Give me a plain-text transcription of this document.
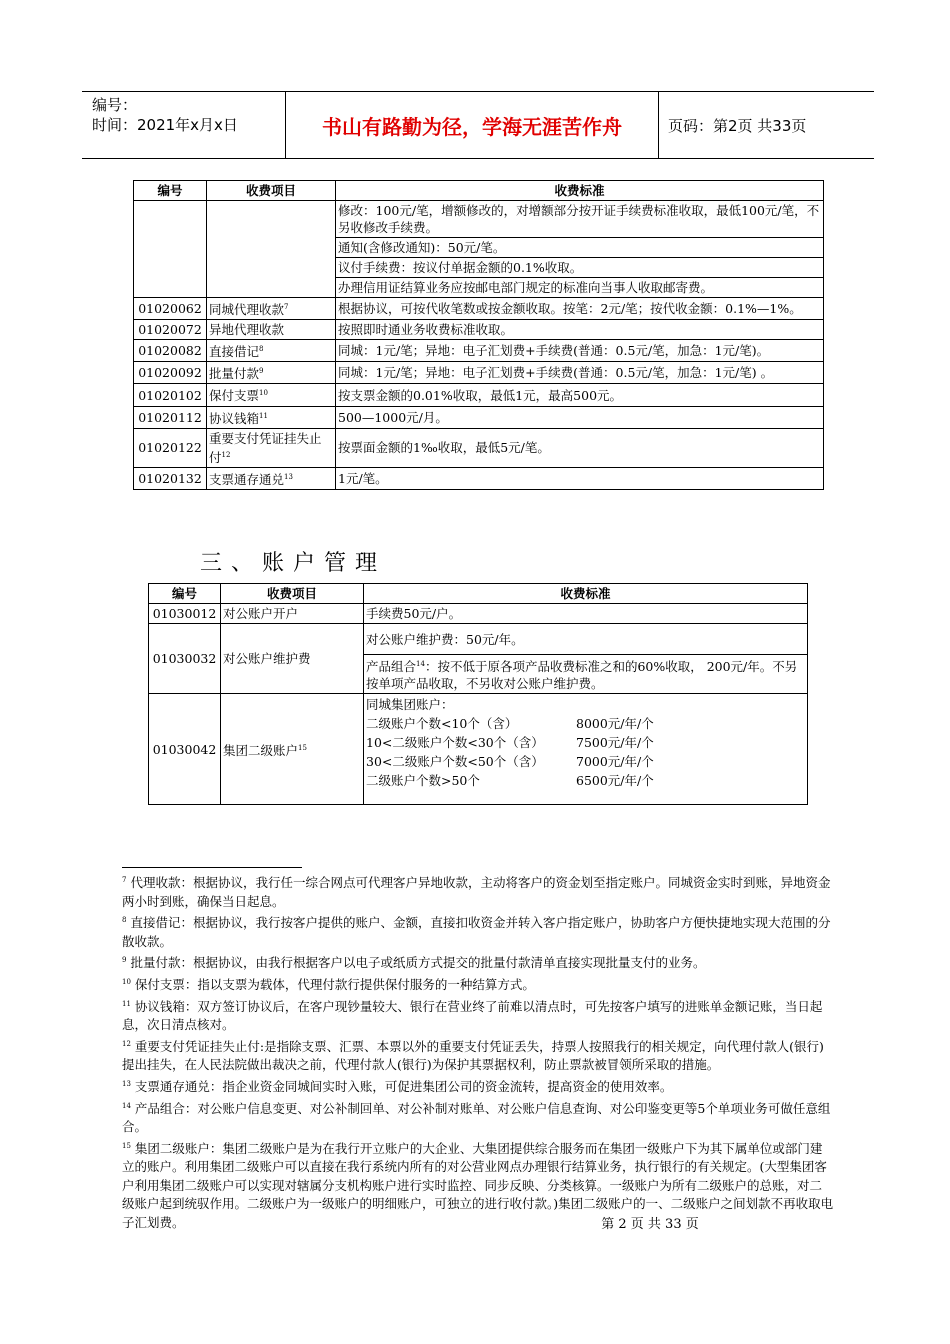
编号：
时间：2021年x月x日	书山有路勤为径，学海无涯苦作舟	页码：第2页 共33页
编号	收费项目	收费标准
		修改：100元/笔，增额修改的，对增额部分按开证手续费标准收取，最低100元/笔，不另收修改手续费。
		通知(含修改通知)：50元/笔。
		议付手续费：按议付单据金额的0.1%收取。
		办理信用证结算业务应按邮电部门规定的标准向当事人收取邮寄费。
01020062	同城代理收款$^7$	根据协议，可按代收笔数或按金额收取。按笔：2元/笔；按代收金额：0.1%—1%。
01020072	异地代理收款	按照即时通业务收费标准收取。
01020082	直接借记$^8$	同城：1元/笔；异地：电子汇划费+手续费(普通：0.5元/笔，加急：1元/笔)。
01020092	批量付款$^9$	同城：1元/笔；异地：电子汇划费+手续费(普通：0.5元/笔，加急：1元/笔) 。
01020102	保付支票$^{10}$	按支票金额的0.01%收取，最低1元，最高500元。
01020112	协议钱箱$^{11}$	500—1000元/月。
01020122	重要支付凭证挂失止付$^{12}$	按票面金额的1‰收取，最低5元/笔。
01020132	支票通存通兑$^{13}$	1元/笔。
三、账户管理
编号	收费项目	收费标准
01030012	对公账户开户	手续费50元/户。
01030032	对公账户维护费	对公账户维护费：50元/年。
		产品组合$^{14}$：按不低于原各项产品收费标准之和的60%收取， 200元/年。不另按单项产品收取，不另收对公账户维护费。
01030042	集团二级账户$^{15}$	同城集团账户：
二级账户个数<10个（含） 8000元/年/个
10<二级账户个数<30个（含） 7500元/年/个
30<二级账户个数<50个（含） 7000元/年/个
二级账户个数>50个 6500元/年/个

$^7$ 代理收款：根据协议，我行任一综合网点可代理客户异地收款，主动将客户的资金划至指定账户。同城资金实时到账，异地资金两小时到账，确保当日起息。

$^8$ 直接借记：根据协议，我行按客户提供的账户、金额，直接扣收资金并转入客户指定账户，协助客户方便快捷地实现大范围的分散收款。

$^9$ 批量付款：根据协议，由我行根据客户以电子或纸质方式提交的批量付款清单直接实现批量支付的业务。

$^{10}$ 保付支票：指以支票为载体，代理付款行提供保付服务的一种结算方式。

$^{11}$ 协议钱箱：双方签订协议后，在客户现钞量较大、银行在营业终了前难以清点时，可先按客户填写的进账单金额记账，当日起息，次日清点核对。

$^{12}$ 重要支付凭证挂失止付:是指除支票、汇票、本票以外的重要支付凭证丢失，持票人按照我行的相关规定，向代理付款人(银行)提出挂失，在人民法院做出裁决之前，代理付款人(银行)为保护其票据权利，防止票款被冒领所采取的措施。

$^{13}$ 支票通存通兑：指企业资金同城间实时入账，可促进集团公司的资金流转，提高资金的使用效率。

$^{14}$ 产品组合：对公账户信息变更、对公补制回单、对公补制对账单、对公账户信息查询、对公印鉴变更等5个单项业务可做任意组合。

$^{15}$ 集团二级账户：集团二级账户是为在我行开立账户的大企业、大集团提供综合服务而在集团一级账户下为其下属单位或部门建立的账户。利用集团二级账户可以直接在我行系统内所有的对公营业网点办理银行结算业务，执行银行的有关规定。(大型集团客户利用集团二级账户可以实现对辖属分支机构账户进行实时监控、同步反映、分类核算。一级账户为所有二级账户的总账，对二级账户起到统驭作用。二级账户为一级账户的明细账户，可独立的进行收付款。)集团二级账户的一、二级账户之间划款不再收取电子汇划费。	第 2 页 共 33 页
